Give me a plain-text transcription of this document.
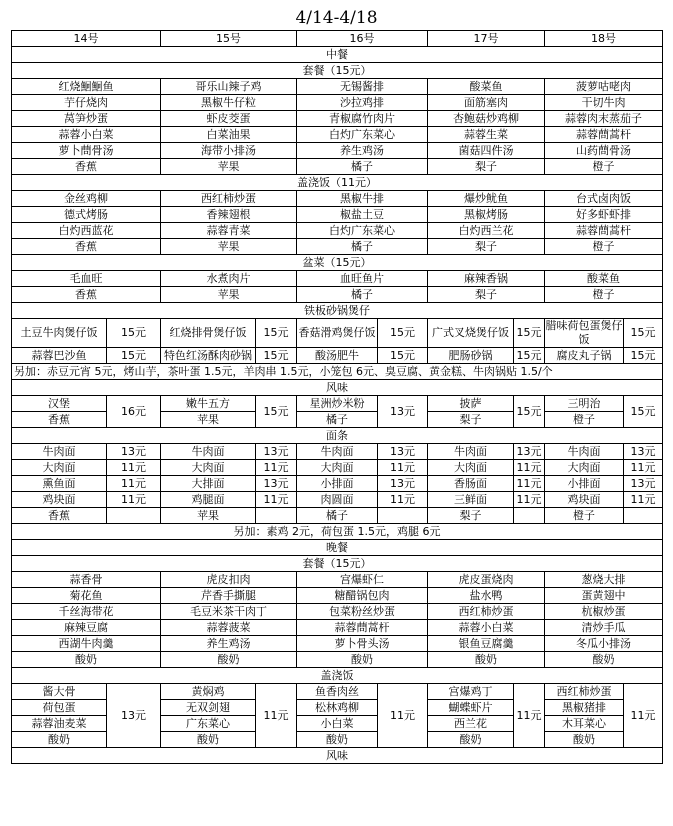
4/14-4/18
14号		15号		16号		17号		18号	
中餐									
套餐（15元）									
红烧鮰鮰鱼		哥乐山辣子鸡		无锡酱排		酸菜鱼		菠萝咕咾肉	
芋仔烧肉		黑椒牛仔粒		沙拉鸡排		面筋塞肉		干切牛肉	
莴笋炒蛋		虾皮茭蛋		青椒腐竹肉片		杏鲍菇炒鸡柳		蒜蓉肉末蒸茄子	
蒜蓉小白菜		白菜油果		白灼广东菜心		蒜蓉生菜		蒜蓉蔄蒿杆	
萝卜蔄骨汤		海带小排汤		养生鸡汤		菌菇四件汤		山药蔄骨汤	
香蕉		苹果		橘子		梨子		橙子	
盖浇饭（11元）									
金丝鸡柳		西红柿炒蛋		黑椒牛排		爆炒鱿鱼		台式卤肉饭	
德式烤肠		香辣翅根		椒盐土豆		黑椒烤肠		好多虾虾排	
白灼西蓝花		蒜蓉青菜		白灼广东菜心		白灼西兰花		蒜蓉蔄蒿杆	
香蕉		苹果		橘子		梨子		橙子	
盆菜（15元）									
毛血旺		水煮肉片		血旺鱼片		麻辣香锅		酸菜鱼	
香蕉		苹果		橘子		梨子		橙子	
铁板砂锅煲仔									
土豆牛肉煲仔饭	15元	红烧排骨煲仔饭	15元	香菇滑鸡煲仔饭	15元	广式叉烧煲仔饭	15元	腊味荷包蛋煲仔饭	15元
蒜蓉巴沙鱼	15元	特色红汤酥肉砂锅	15元	酸汤肥牛	15元	肥肠砂锅	15元	腐皮丸子锅	15元
另加：赤豆元宵 5元，烤山芋，茶叶蛋 1.5元，羊肉串 1.5元，小笼包 6元、臭豆腐、黄金糕、牛肉锅贴 1.5/个									
风味									
汉堡	16元	嫩牛五方	15元	星洲炒米粉	13元	披萨	15元	三明治	15元
香蕉		苹果		橘子		梨子		橙子	
面条									
牛肉面	13元	牛肉面	13元	牛肉面	13元	牛肉面	13元	牛肉面	13元
大肉面	11元	大肉面	11元	大肉面	11元	大肉面	11元	大肉面	11元
熏鱼面	11元	大排面	13元	小排面	13元	香肠面	11元	小排面	13元
鸡块面	11元	鸡腿面	11元	肉圆面	11元	三鲜面	11元	鸡块面	11元
香蕉		苹果		橘子		梨子		橙子	
另加：素鸡 2元，荷包蛋 1.5元，鸡腿 6元									
晚餐									
套餐（15元）									
蒜香骨		虎皮扣肉		宫爆虾仁		虎皮蛋烧肉		葱烧大排	
菊花鱼		芹香手撕腿		糖醋锅包肉		盐水鸭		蛋黄翅中	
千丝海带花		毛豆米茶干肉丁		包菜粉丝炒蛋		西红柿炒蛋		杭椒炒蛋	
麻辣豆腐		蒜蓉菠菜		蒜蓉蔄蒿杆		蒜蓉小白菜		清炒手瓜	
西湖牛肉羹		养生鸡汤		萝卜骨头汤		银鱼豆腐羹		冬瓜小排汤	
酸奶		酸奶		酸奶		酸奶		酸奶	
盖浇饭									
酱大骨	13元	黄焖鸡	11元	鱼香肉丝	11元	宫爆鸡丁	11元	西红柿炒蛋	11元
荷包蛋		无双剑翅		松林鸡柳		蝴蝶虾片		黑椒猪排	
蒜蓉油麦菜		广东菜心		小白菜		西兰花		木耳菜心	
酸奶		酸奶		酸奶		酸奶		酸奶	
风味									
